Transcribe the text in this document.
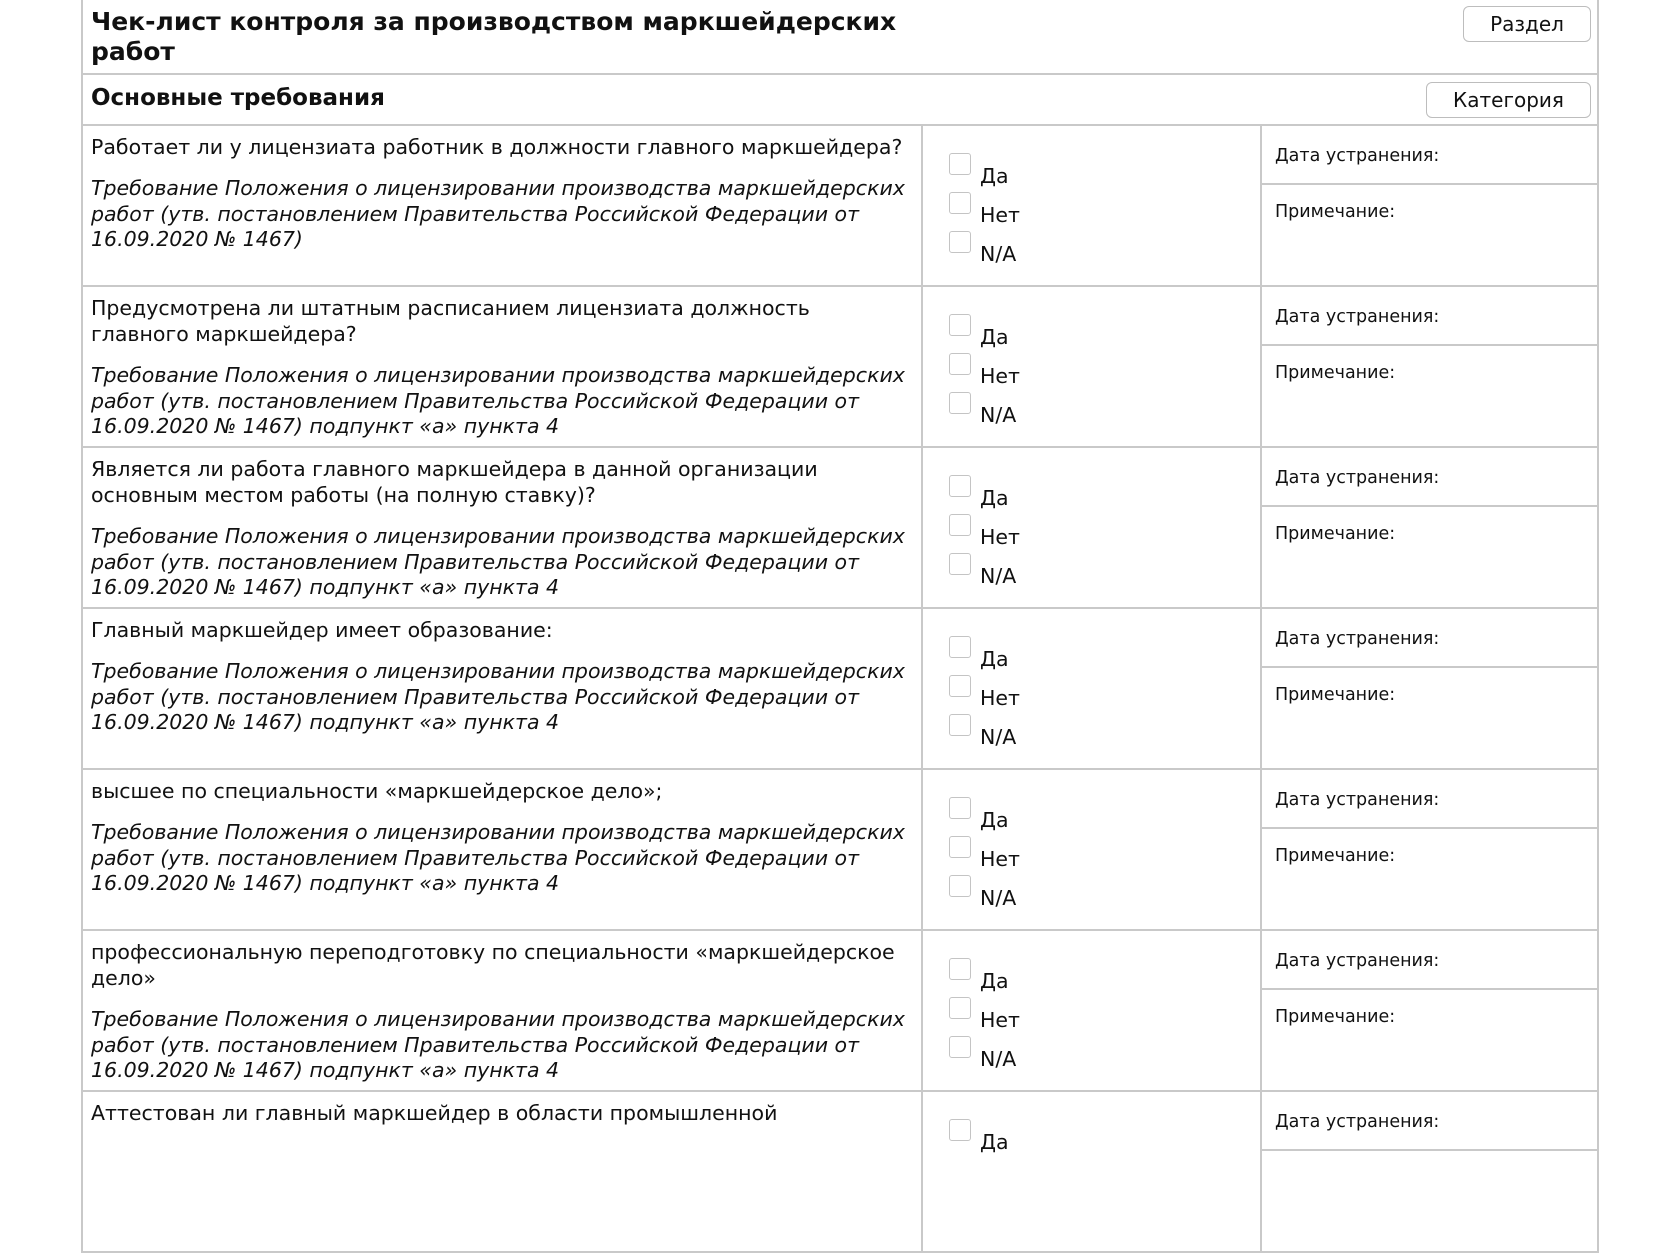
Чек-лист контроля за производством маркшейдерских работ
Раздел
Основные требования	Категория

Работает ли у лицензиата работник в должности главного маркшейдера?

Требование Положения о лицензировании производства маркшейдерских работ (утв. постановлением Правительства Российской Федерации от 16.09.2020 № 1467)

Да
Нет
N/A
Дата устранения:
Примечание:

Предусмотрена ли штатным расписанием лицензиата должность главного маркшейдера?

Требование Положения о лицензировании производства маркшейдерских работ (утв. постановлением Правительства Российской Федерации от 16.09.2020 № 1467) подпункт «а» пункта 4

Да
Нет
N/A
Дата устранения:
Примечание:

Является ли работа главного маркшейдера в данной организации основным местом работы (на полную ставку)?

Требование Положения о лицензировании производства маркшейдерских работ (утв. постановлением Правительства Российской Федерации от 16.09.2020 № 1467) подпункт «а» пункта 4

Да
Нет
N/A
Дата устранения:
Примечание:

Главный маркшейдер имеет образование:

Требование Положения о лицензировании производства маркшейдерских работ (утв. постановлением Правительства Российской Федерации от 16.09.2020 № 1467) подпункт «а» пункта 4

Да
Нет
N/A
Дата устранения:
Примечание:

высшее по специальности «маркшейдерское дело»;

Требование Положения о лицензировании производства маркшейдерских работ (утв. постановлением Правительства Российской Федерации от 16.09.2020 № 1467) подпункт «а» пункта 4

Да
Нет
N/A
Дата устранения:
Примечание:

профессиональную переподготовку по специальности «маркшейдерское дело»

Требование Положения о лицензировании производства маркшейдерских работ (утв. постановлением Правительства Российской Федерации от 16.09.2020 № 1467) подпункт «а» пункта 4

Да
Нет
N/A
Дата устранения:
Примечание:

Аттестован ли главный маркшейдер в области промышленной

Да
Дата устранения:
